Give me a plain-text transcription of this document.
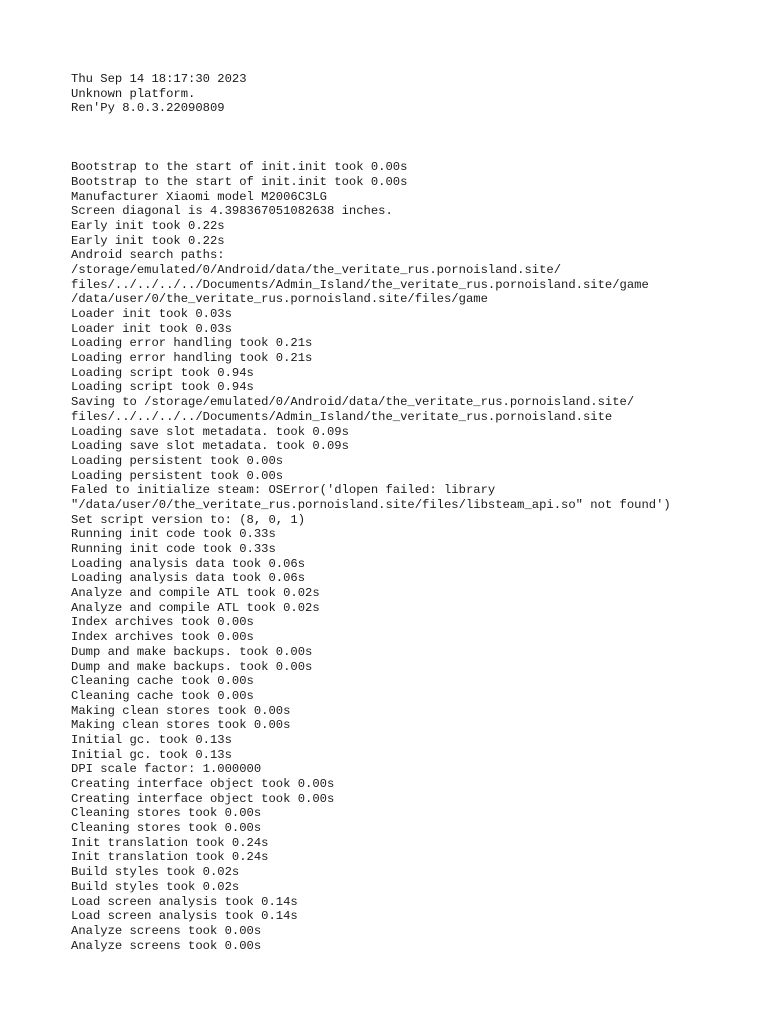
Thu Sep 14 18:17:30 2023
Unknown platform.
Ren'Py 8.0.3.22090809
Bootstrap to the start of init.init took 0.00s
Bootstrap to the start of init.init took 0.00s
Manufacturer Xiaomi model M2006C3LG
Screen diagonal is 4.398367051082638 inches.
Early init took 0.22s
Early init took 0.22s
Android search paths:
/storage/emulated/0/Android/data/the_veritate_rus.pornoisland.site/
files/../../../../Documents/Admin_Island/the_veritate_rus.pornoisland.site/game
/data/user/0/the_veritate_rus.pornoisland.site/files/game
Loader init took 0.03s
Loader init took 0.03s
Loading error handling took 0.21s
Loading error handling took 0.21s
Loading script took 0.94s
Loading script took 0.94s
Saving to /storage/emulated/0/Android/data/the_veritate_rus.pornoisland.site/
files/../../../../Documents/Admin_Island/the_veritate_rus.pornoisland.site
Loading save slot metadata. took 0.09s
Loading save slot metadata. took 0.09s
Loading persistent took 0.00s
Loading persistent took 0.00s
Faled to initialize steam: OSError('dlopen failed: library
"/data/user/0/the_veritate_rus.pornoisland.site/files/libsteam_api.so" not found')
Set script version to: (8, 0, 1)
Running init code took 0.33s
Running init code took 0.33s
Loading analysis data took 0.06s
Loading analysis data took 0.06s
Analyze and compile ATL took 0.02s
Analyze and compile ATL took 0.02s
Index archives took 0.00s
Index archives took 0.00s
Dump and make backups. took 0.00s
Dump and make backups. took 0.00s
Cleaning cache took 0.00s
Cleaning cache took 0.00s
Making clean stores took 0.00s
Making clean stores took 0.00s
Initial gc. took 0.13s
Initial gc. took 0.13s
DPI scale factor: 1.000000
Creating interface object took 0.00s
Creating interface object took 0.00s
Cleaning stores took 0.00s
Cleaning stores took 0.00s
Init translation took 0.24s
Init translation took 0.24s
Build styles took 0.02s
Build styles took 0.02s
Load screen analysis took 0.14s
Load screen analysis took 0.14s
Analyze screens took 0.00s
Analyze screens took 0.00s
